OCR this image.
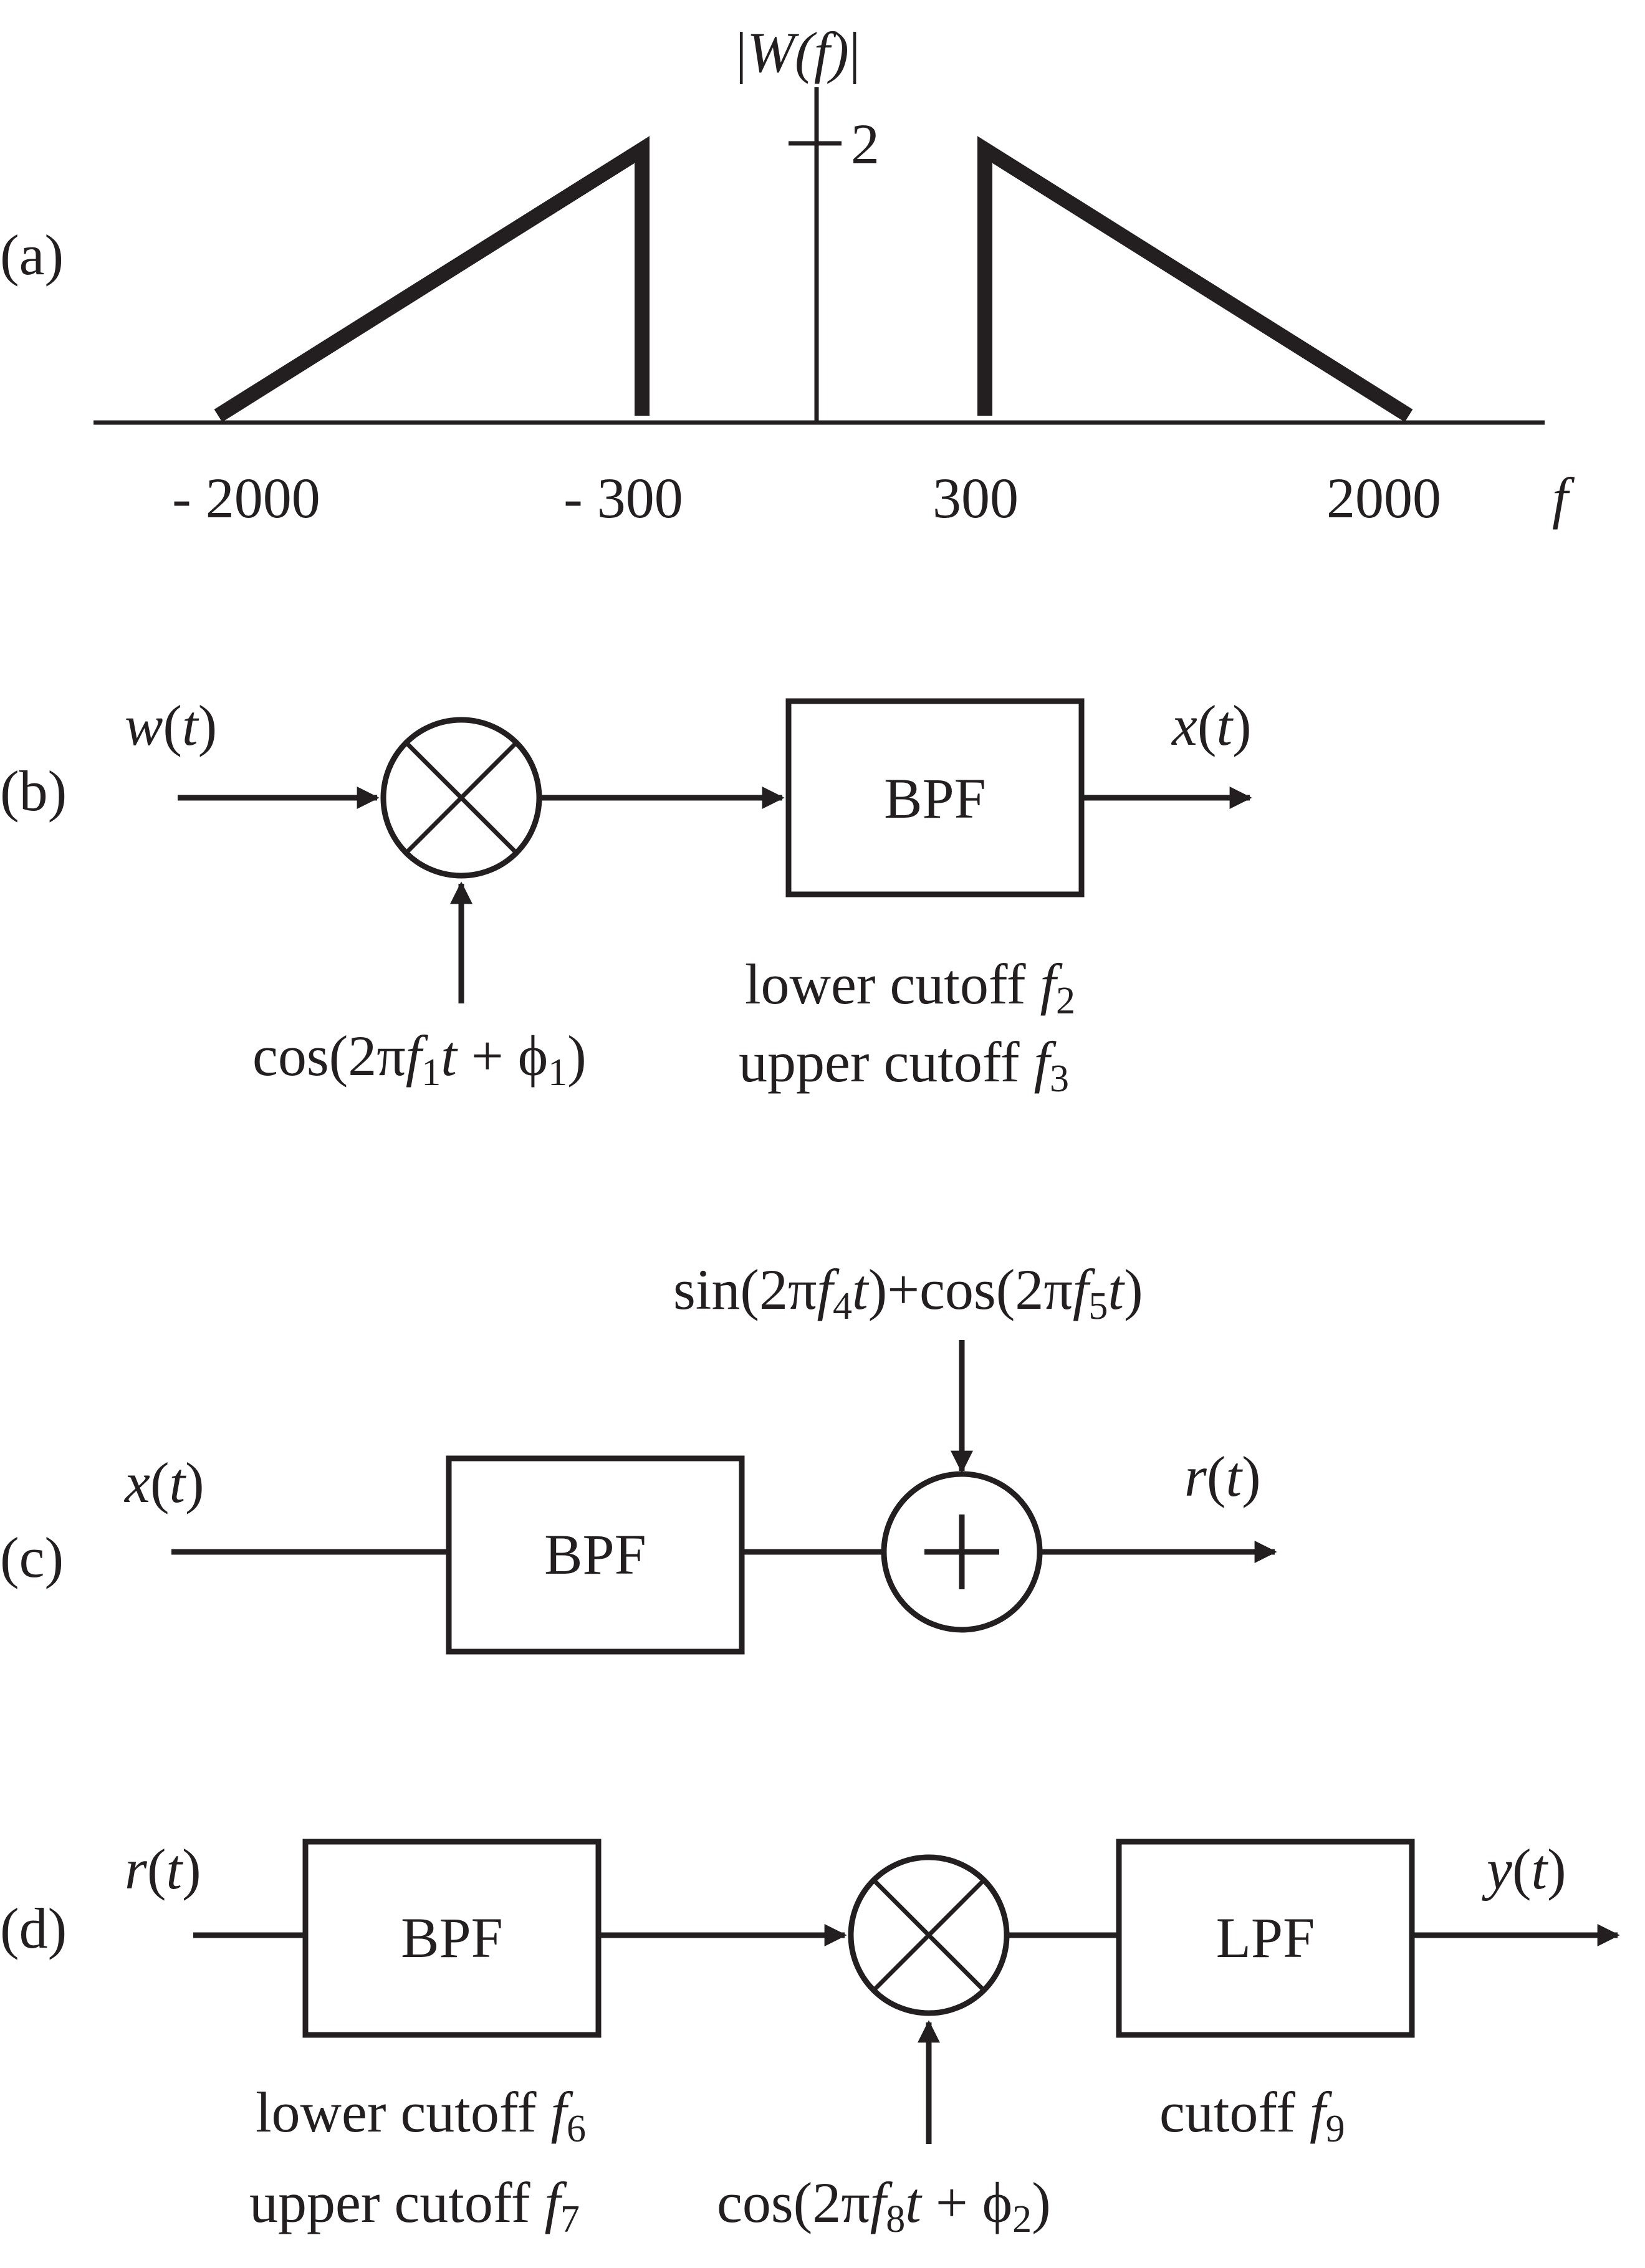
(a)
|W(f)|
2
- 2000	- 300	300	2000 f
(b)
w(t)
cos(2πf1t + ϕ1)
BPF
x(t)
lower cutoff f2
upper cutoff f3
(c)
x(t)
BPF
sin(2πf4t)+cos(2πf5t)
r(t)
(d)
r(t)
BPF
cos(2πf8t + ϕ2)
LPF
y(t)
lower cutoff f6
upper cutoff f7
cutoff f9
